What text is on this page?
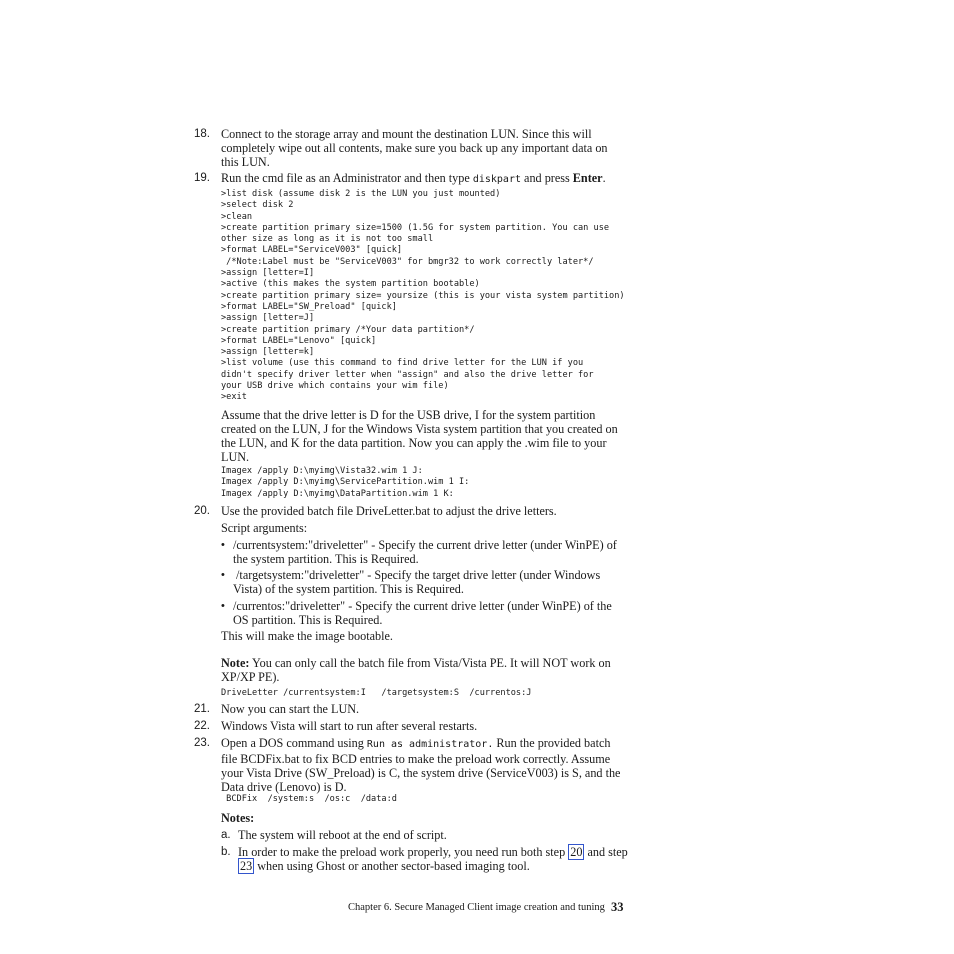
18. Connect to the storage array and mount the destination LUN. Since this will completely wipe out all contents, make sure you back up any important data on this LUN.
19. Run the cmd file as an Administrator and then type diskpart and press Enter.
>list disk (assume disk 2 is the LUN you just mounted)
>select disk 2
>clean
>create partition primary size=1500 (1.5G for system partition. You can use
other size as long as it is not too small
>format LABEL="ServiceV003" [quick]
/*Note:Label must be "ServiceV003" for bmgr32 to work correctly later*/
>assign [letter=I]
>active (this makes the system partition bootable)
>create partition primary size= yoursize (this is your vista system partition)
>format LABEL="SW_Preload" [quick]
>assign [letter=J]
>create partition primary /*Your data partition*/
>format LABEL="Lenovo" [quick]
>assign [letter=k]
>list volume (use this command to find drive letter for the LUN if you
didn't specify driver letter when "assign" and also the drive letter for
your USB drive which contains your wim file)
>exit
Assume that the drive letter is D for the USB drive, I for the system partition created on the LUN, J for the Windows Vista system partition that you created on the LUN, and K for the data partition. Now you can apply the .wim file to your LUN.
Imagex /apply D:\myimg\Vista32.wim 1 J:
Imagex /apply D:\myimg\ServicePartition.wim 1 I:
Imagex /apply D:\myimg\DataPartition.wim 1 K:
20. Use the provided batch file DriveLetter.bat to adjust the drive letters.
Script arguments:
• /currentsystem:"driveletter" - Specify the current drive letter (under WinPE) of the system partition. This is Required.
• /targetsystem:"driveletter" - Specify the target drive letter (under Windows Vista) of the system partition. This is Required.
• /currentos:"driveletter" - Specify the current drive letter (under WinPE) of the OS partition. This is Required.
This will make the image bootable.
Note: You can only call the batch file from Vista/Vista PE. It will NOT work on XP/XP PE).
DriveLetter /currentsystem:I   /targetsystem:S  /currentos:J
21. Now you can start the LUN.
22. Windows Vista will start to run after several restarts.
23. Open a DOS command using Run as administrator. Run the provided batch file BCDFix.bat to fix BCD entries to make the preload work correctly. Assume your Vista Drive (SW_Preload) is C, the system drive (ServiceV003) is S, and the Data drive (Lenovo) is D.
BCDFix  /system:s  /os:c  /data:d
Notes:
a. The system will reboot at the end of script.
b. In order to make the preload work properly, you need run both step 20 and step 23 when using Ghost or another sector-based imaging tool.
Chapter 6. Secure Managed Client image creation and tuning 33
